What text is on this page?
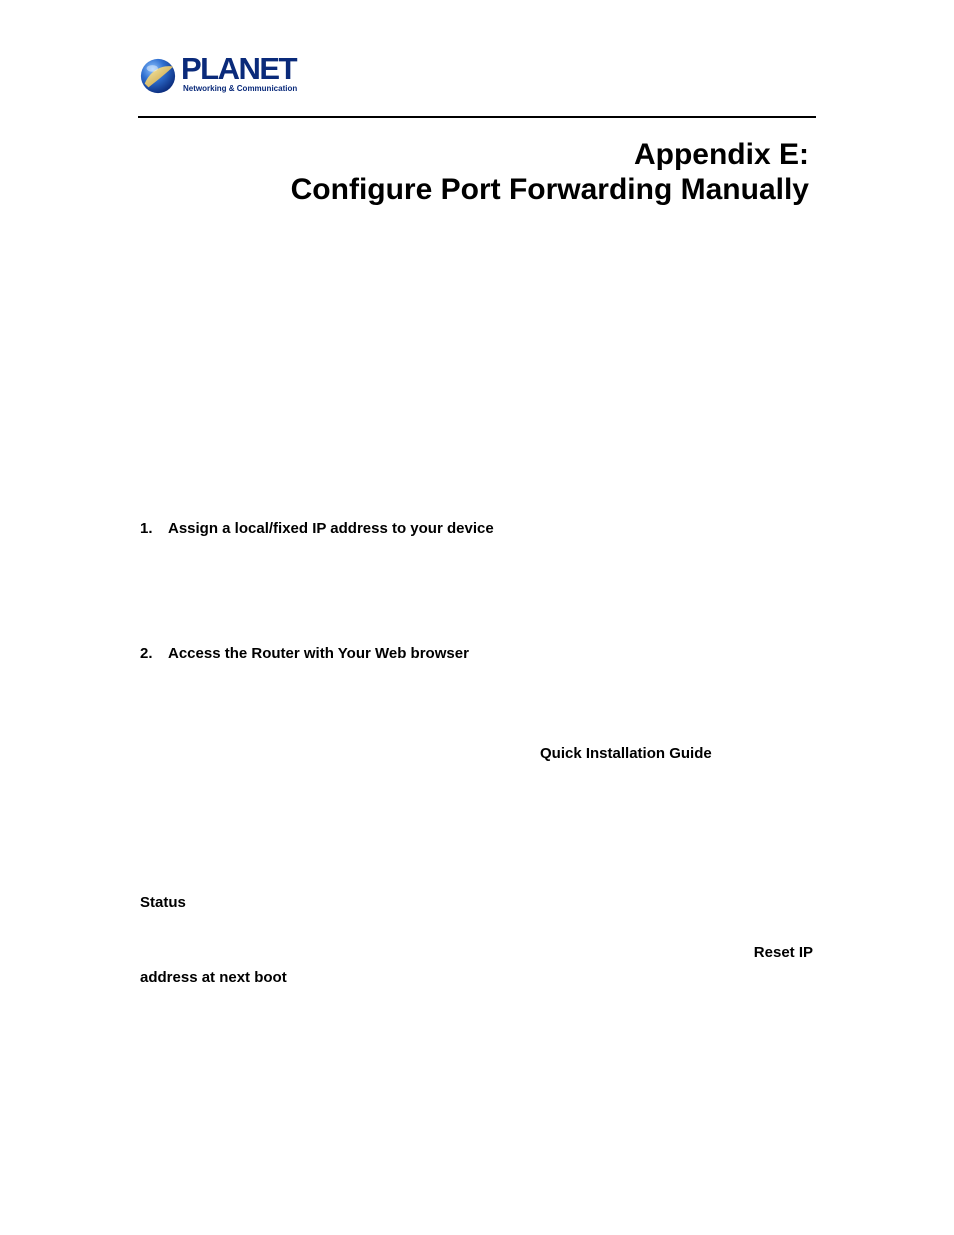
PLANET
Networking & Communication
Appendix E:
Configure Port Forwarding Manually

1. Assign a local/fixed IP address to your device

2. Access the Router with Your Web browser

Quick Installation Guide

Status

Reset IP

address at next boot
